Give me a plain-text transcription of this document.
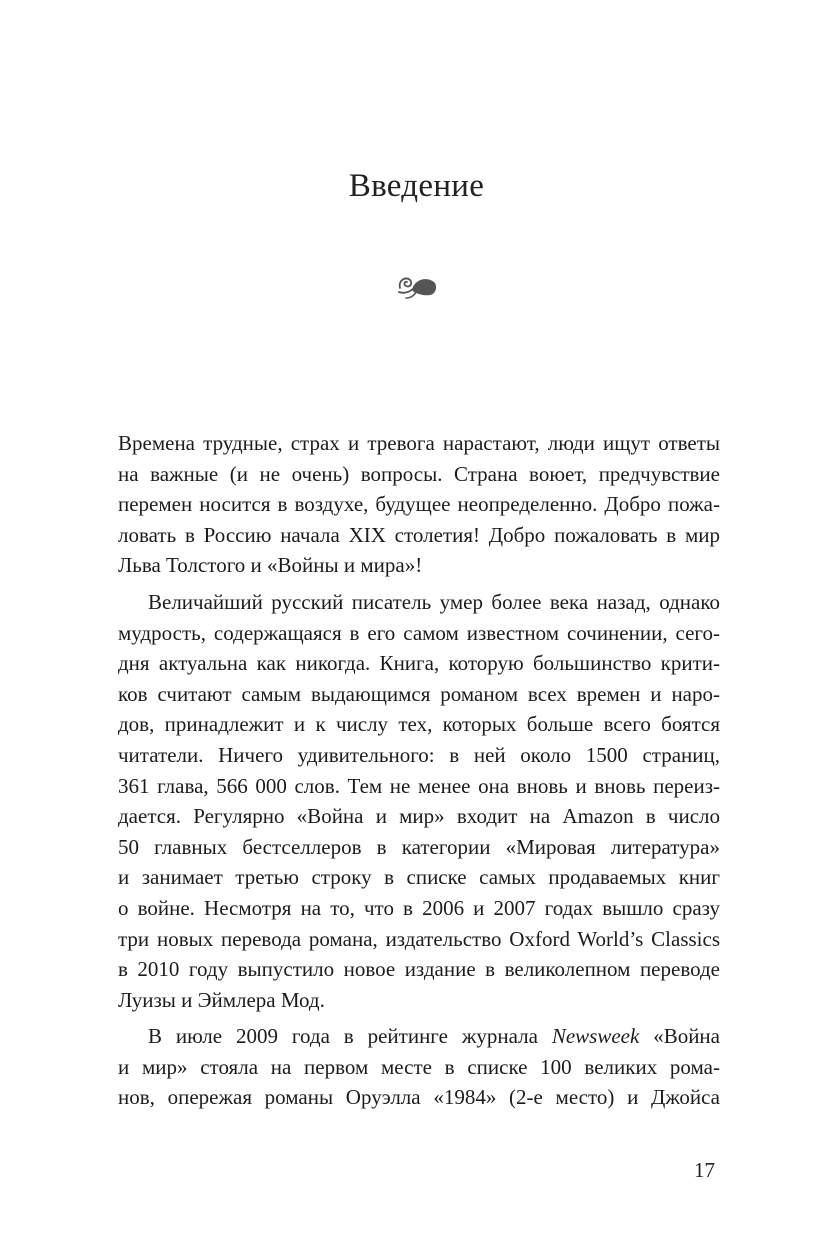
Введение
Времена трудные, страх и тревога нарастают, люди ищут ответы
на важные (и не очень) вопросы. Страна воюет, предчувствие
перемен носится в воздухе, будущее неопределенно. Добро пожа-
ловать в Россию начала XIX столетия! Добро пожаловать в мир
Льва Толстого и «Войны и мира»!
Величайший русский писатель умер более века назад, однако
мудрость, содержащаяся в его самом известном сочинении, сего-
дня актуальна как никогда. Книга, которую большинство крити-
ков считают самым выдающимся романом всех времен и наро-
дов, принадлежит и к числу тех, которых больше всего боятся
читатели. Ничего удивительного: в ней около 1500 страниц,
361 глава, 566 000 слов. Тем не менее она вновь и вновь переиз-
дается. Регулярно «Война и мир» входит на Amazon в число
50 главных бестселлеров в категории «Мировая литература»
и занимает третью строку в списке самых продаваемых книг
о войне. Несмотря на то, что в 2006 и 2007 годах вышло сразу
три новых перевода романа, издательство Oxford World’s Classics
в 2010 году выпустило новое издание в великолепном переводе
Луизы и Эймлера Мод.
В июле 2009 года в рейтинге журнала Newsweek «Война
и мир» стояла на первом месте в списке 100 великих рома-
нов, опережая романы Оруэлла «1984» (2-е место) и Джойса
17
